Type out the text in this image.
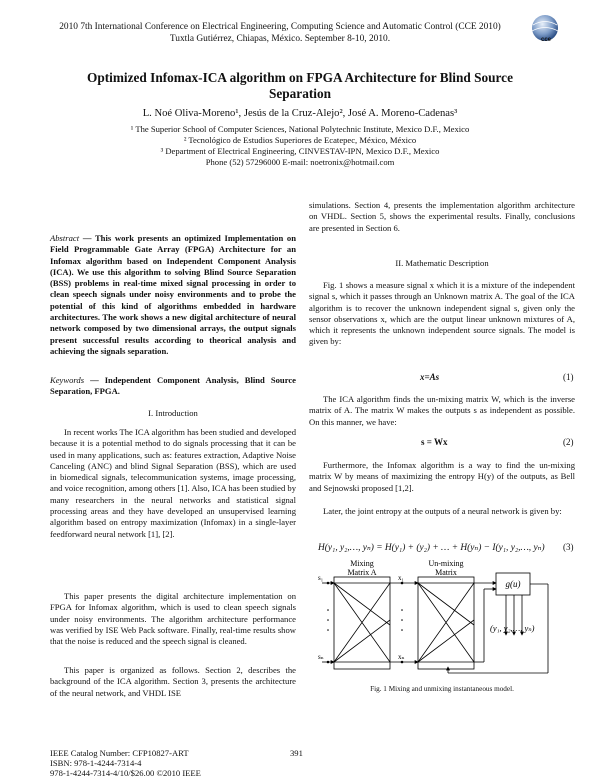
2010 7th International Conference on Electrical Engineering, Computing Science and Automatic Control (CCE 2010)
Tuxtla Gutiérrez, Chiapas, México. September 8-10, 2010.	cce
Optimized Infomax-ICA algorithm on FPGA Architecture for Blind Source
Separation
L. Noé Oliva-Moreno¹, Jesús de la Cruz-Alejo², José A. Moreno-Cadenas³
¹ The Superior School of Computer Sciences, National Polytechnic Institute, Mexico D.F., Mexico
² Tecnológico de Estudios Superiores de Ecatepec, México, México
³ Department of Electrical Engineering, CINVESTAV-IPN, Mexico D.F., Mexico
Phone (52) 57296000 E-mail: noetronix@hotmail.com
Abstract — This work presents an optimized Implementation on Field Programmable Gate Array (FPGA) Architecture for an Infomax algorithm based on Independent Component Analysis (ICA). We use this algorithm to solving Blind Source Separation (BSS) problems in real-time mixed signal processing in order to clean speech signals under noisy environments and to probe the potential of this kind of algorithms embedded in hardware architectures. The work shows a new digital architecture of neural network composed by two dimensional arrays, the output signals present successful results according to theorical analysis and achieving the signals separation.
Keywords — Independent Component Analysis, Blind Source Separation, FPGA.
I. Introduction

In recent works The ICA algorithm has been studied and developed because it is a potential method to do signals processing that it can be used in many applications, such as: features extraction, Adaptive Noise Canceling (ANC) and blind Signal Separation (BSS), which are used in biomedical signals, telecommunication systems, image processing, and voice recognition, among others [1]. Also, ICA has been studied by many researchers in the neural networks and statistical signal processing areas and they have developed an unsupervised learning algorithm based on entropy maximization (Infomax) in a single-layer feedforward neural network [1], [2].

This paper presents the digital architecture implementation on FPGA for Infomax algorithm, which is used to clean speech signals under noisy environments. The algorithm architecture performance was verified by ISE Web Pack software. Finally, real-time results show that the noise is reduced and the speech signal is cleaned.

This paper is organized as follows. Section 2, describes the background of the ICA algorithm. Section 3, presents the architecture of the neural network, and VHDL ISE

simulations. Section 4, presents the implementation algorithm architecture on VHDL. Section 5, shows the experimental results. Finally, conclusions are presented in Section 6.
II. Mathematic Description

Fig. 1 shows a measure signal x which it is a mixture of the independent signal s, which it passes through an Unknown matrix A. The goal of the ICA algorithm is to recover the unknown independent signal s, given only the sensor observations x, which are the output linear unknown mixtures of A, which it represents the unknown independent source signals. The model is given by:

x=As	(1)

The ICA algorithm finds the un-mixing matrix W, which is the inverse matrix of A. The matrix W makes the outputs s as independent as possible. On this manner, we have:

s = Wx	(2)

Furthermore, the Infomax algorithm is a way to find the un-mixing matrix W by means of maximizing the entropy H(y) of the outputs, as Bell and Sejnowski proposed [1,2].

Later, the joint entropy at the outputs of a neural network is given by:

H(y₁, y₂,…, yₙ) = H(y₁) + (y₂) + … + H(yₙ) − I(y₁, y₂,…, yₙ) (3)
Mixing
Matrix A
Un-mixing
Matrix
g(u)
s₁
sₙ
x₁
xₙ
(y₁, y₂,…, yₙ)
Fig. 1 Mixing and unmixing instantaneous model.
IEEE Catalog Number: CFP10827-ART
ISBN: 978-1-4244-7314-4
978-1-4244-7314-4/10/$26.00 ©2010 IEEE
391
